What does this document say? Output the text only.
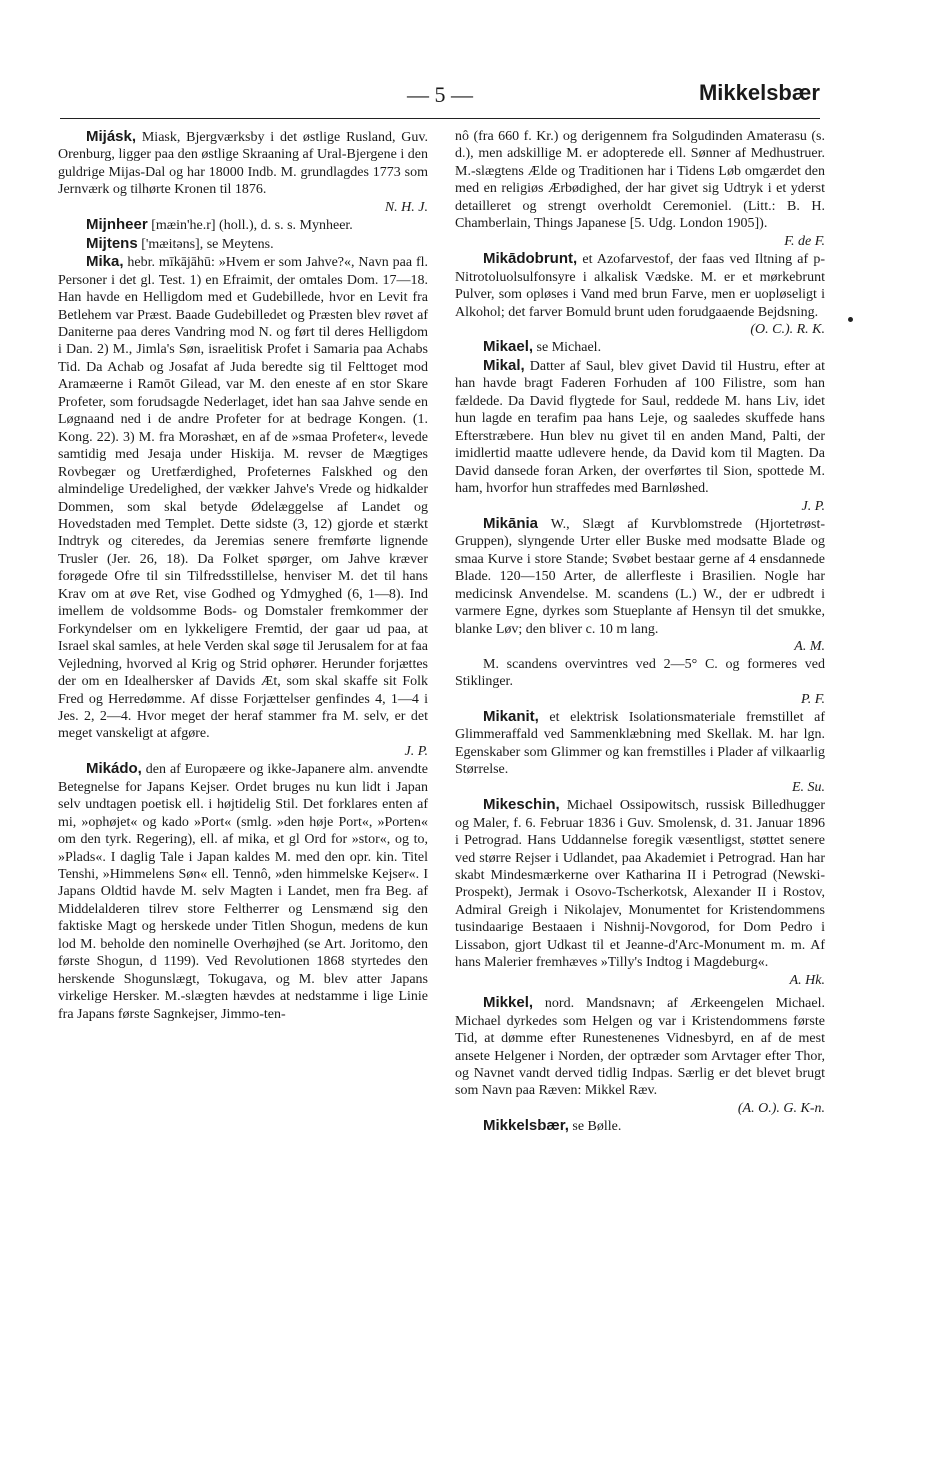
— 5 —	Mikkelsbær

Mijásk, Miask, Bjergværksby i det østlige Rusland, Guv. Orenburg, ligger paa den østlige Skraaning af Ural-Bjergene i den guldrige Mijas-Dal og har 18000 Indb. M. grundlagdes 1773 som Jernværk og tilhørte Kronen til 1876.
N. H. J.

Mijnheer [mæin'he.r] (holl.), d. s. s. Mynheer.

Mijtens ['mæitəns], se Meytens.

Mika, hebr. mīkājāhū: »Hvem er som Jahve?«, Navn paa fl. Personer i det gl. Test. 1) en Efraimit, der omtales Dom. 17—18. Han havde en Helligdom med et Gudebillede, hvor en Levit fra Betlehem var Præst. Baade Gudebilledet og Præsten blev røvet af Daniterne paa deres Vandring mod N. og ført til deres Helligdom i Dan. 2) M., Jimla's Søn, israelitisk Profet i Samaria paa Achabs Tid. Da Achab og Josafat af Juda beredte sig til Felttoget mod Aramæerne i Ramōt Gilead, var M. den eneste af en stor Skare Profeter, som forudsagde Nederlaget, idet han saa Jahve sende en Løgnaand ned i de andre Profeter for at bedrage Kongen. (1. Kong. 22). 3) M. fra Morəshæt, en af de »smaa Profeter«, levede samtidig med Jesaja under Hiskija. M. revser de Mægtiges Rovbegær og Uretfærdighed, Profeternes Falskhed og den almindelige Uredelighed, der vækker Jahve's Vrede og hidkalder Dommen, som skal betyde Ødelæggelse af Landet og Hovedstaden med Templet. Dette sidste (3, 12) gjorde et stærkt Indtryk og citeredes, da Jeremias senere fremførte lignende Trusler (Jer. 26, 18). Da Folket spørger, om Jahve kræver forøgede Ofre til sin Tilfredsstillelse, henviser M. det til hans Krav om at øve Ret, vise Godhed og Ydmyghed (6, 1—8). Ind imellem de voldsomme Bods- og Domstaler fremkommer der Forkyndelser om en lykkeligere Fremtid, der gaar ud paa, at Israel skal samles, at hele Verden skal søge til Jerusalem for at faa Vejledning, hvorved al Krig og Strid ophører. Herunder forjættes der om en Idealhersker af Davids Æt, som skal skaffe sit Folk Fred og Herredømme. Af disse Forjættelser genfindes 4, 1—4 i Jes. 2, 2—4. Hvor meget der heraf stammer fra M. selv, er det meget vanskeligt at afgøre.
J. P.

Mikádo, den af Europæere og ikke-Japanere alm. anvendte Betegnelse for Japans Kejser. Ordet bruges nu kun lidt i Japan selv undtagen poetisk ell. i højtidelig Stil. Det forklares enten af mi, »ophøjet« og kado »Port« (smlg. »den høje Port«, »Porten« om den tyrk. Regering), ell. af mika, et gl Ord for »stor«, og to, »Plads«. I daglig Tale i Japan kaldes M. med den opr. kin. Titel Tenshi, »Himmelens Søn« ell. Tennô, »den himmelske Kejser«. I Japans Oldtid havde M. selv Magten i Landet, men fra Beg. af Middelalderen tilrev store Feltherrer og Lensmænd sig den faktiske Magt og herskede under Titlen Shogun, medens de kun lod M. beholde den nominelle Overhøjhed (se Art. Joritomo, den første Shogun, d 1199). Ved Revolutionen 1868 styrtedes den herskende Shogunslægt, Tokugava, og M. blev atter Japans virkelige Hersker. M.-slægten hævdes at nedstamme i lige Linie fra Japans første Sagnkejser, Jimmo-ten-

nô (fra 660 f. Kr.) og derigennem fra Solgudinden Amaterasu (s. d.), men adskillige M. er adopterede ell. Sønner af Medhustruer. M.-slægtens Ælde og Traditionen har i Tidens Løb omgærdet den med en religiøs Ærbødighed, der har givet sig Udtryk i et yderst detailleret og strengt overholdt Ceremoniel. (Litt.: B. H. Chamberlain, Things Japanese [5. Udg. London 1905]).
F. de F.

Mikādobrunt, et Azofarvestof, der faas ved Iltning af p-Nitrotoluolsulfonsyre i alkalisk Vædske. M. er et mørkebrunt Pulver, som opløses i Vand med brun Farve, men er uopløseligt i Alkohol; det farver Bomuld brunt uden forudgaaende Bejdsning.
(O. C.). R. K.

Mikael, se Michael.

Mikal, Datter af Saul, blev givet David til Hustru, efter at han havde bragt Faderen Forhuden af 100 Filistre, som han fældede. Da David flygtede for Saul, reddede M. hans Liv, idet hun lagde en terafim paa hans Leje, og saaledes skuffede hans Efterstræbere. Hun blev nu givet til en anden Mand, Palti, der imidlertid maatte udlevere hende, da David kom til Magten. Da David dansede foran Arken, der overførtes til Sion, spottede M. ham, hvorfor hun straffedes med Barnløshed.
J. P.

Mikānia W., Slægt af Kurvblomstrede (Hjortetrøst-Gruppen), slyngende Urter eller Buske med modsatte Blade og smaa Kurve i store Stande; Svøbet bestaar gerne af 4 ensdannede Blade. 120—150 Arter, de allerfleste i Brasilien. Nogle har medicinsk Anvendelse. M. scandens (L.) W., der er udbredt i varmere Egne, dyrkes som Stueplante af Hensyn til det smukke, blanke Løv; den bliver c. 10 m lang.
A. M.

M. scandens overvintres ved 2—5° C. og formeres ved Stiklinger.
P. F.

Mikanit, et elektrisk Isolationsmateriale fremstillet af Glimmeraffald ved Sammenklæbning med Skellak. M. har lgn. Egenskaber som Glimmer og kan fremstilles i Plader af vilkaarlig Størrelse.
E. Su.

Mikeschin, Michael Ossipowitsch, russisk Billedhugger og Maler, f. 6. Februar 1836 i Guv. Smolensk, d. 31. Januar 1896 i Petrograd. Hans Uddannelse foregik væsentligst, støttet senere ved større Rejser i Udlandet, paa Akademiet i Petrograd. Han har skabt Mindesmærkerne over Katharina II i Petrograd (Newski-Prospekt), Jermak i Osovo-Tscherkotsk, Alexander II i Rostov, Admiral Greigh i Nikolajev, Monumentet for Kristendommens tusindaarige Bestaaen i Nishnij-Novgorod, for Dom Pedro i Lissabon, gjort Udkast til et Jeanne-d'Arc-Monument m. m. Af hans Malerier fremhæves »Tilly's Indtog i Magdeburg«.
A. Hk.

Mikkel, nord. Mandsnavn; af Ærkeengelen Michael. Michael dyrkedes som Helgen og var i Kristendommens første Tid, at dømme efter Runestenenes Vidnesbyrd, en af de mest ansete Helgener i Norden, der optræder som Arvtager efter Thor, og Navnet vandt derved tidlig Indpas. Særlig er det blevet brugt som Navn paa Ræven: Mikkel Ræv.
(A. O.). G. K-n.

Mikkelsbær, se Bølle.
